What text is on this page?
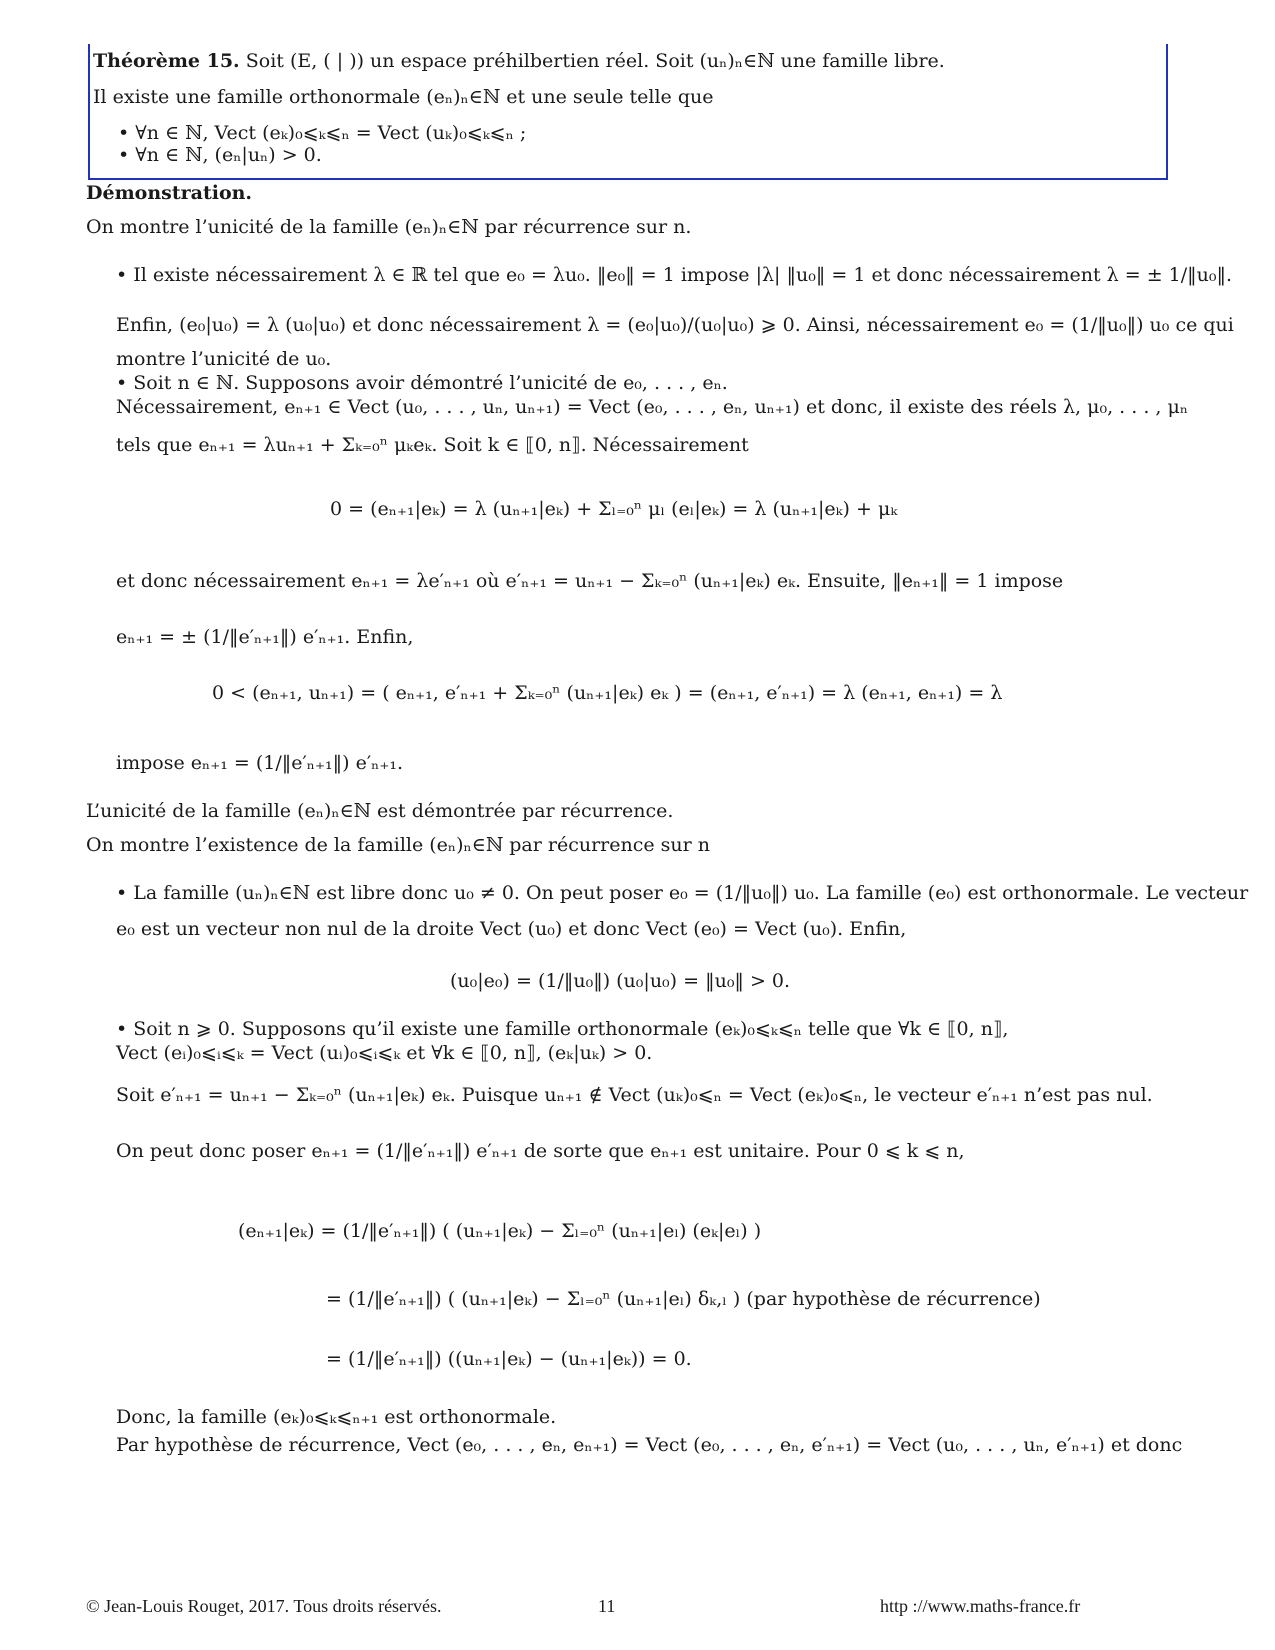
Théorème 15. Soit (E, ( | )) un espace préhilbertien réel. Soit (uₙ)ₙ∈ℕ une famille libre.
Il existe une famille orthonormale (eₙ)ₙ∈ℕ et une seule telle que
• ∀n ∈ ℕ, Vect (eₖ)₀⩽ₖ⩽ₙ = Vect (uₖ)₀⩽ₖ⩽ₙ ;
• ∀n ∈ ℕ, (eₙ|uₙ) > 0.
Démonstration.
On montre l’unicité de la famille (eₙ)ₙ∈ℕ par récurrence sur n.
• Il existe nécessairement λ ∈ ℝ tel que e₀ = λu₀. ‖e₀‖ = 1 impose |λ| ‖u₀‖ = 1 et donc nécessairement λ = ± 1/‖u₀‖.
Enfin, (e₀|u₀) = λ (u₀|u₀) et donc nécessairement λ = (e₀|u₀)/(u₀|u₀) ⩾ 0. Ainsi, nécessairement e₀ = (1/‖u₀‖) u₀ ce qui
montre l’unicité de u₀.
• Soit n ∈ ℕ. Supposons avoir démontré l’unicité de e₀, . . . , eₙ.
Nécessairement, eₙ₊₁ ∈ Vect (u₀, . . . , uₙ, uₙ₊₁) = Vect (e₀, . . . , eₙ, uₙ₊₁) et donc, il existe des réels λ, μ₀, . . . , μₙ
tels que eₙ₊₁ = λuₙ₊₁ + Σₖ₌₀ⁿ μₖeₖ. Soit k ∈ ⟦0, n⟧. Nécessairement
0 = (eₙ₊₁|eₖ) = λ (uₙ₊₁|eₖ) + Σₗ₌₀ⁿ μₗ (eₗ|eₖ) = λ (uₙ₊₁|eₖ) + μₖ
et donc nécessairement eₙ₊₁ = λe′ₙ₊₁ où e′ₙ₊₁ = uₙ₊₁ − Σₖ₌₀ⁿ (uₙ₊₁|eₖ) eₖ. Ensuite, ‖eₙ₊₁‖ = 1 impose
eₙ₊₁ = ± (1/‖e′ₙ₊₁‖) e′ₙ₊₁. Enfin,
0 < (eₙ₊₁, uₙ₊₁) = ( eₙ₊₁, e′ₙ₊₁ + Σₖ₌₀ⁿ (uₙ₊₁|eₖ) eₖ ) = (eₙ₊₁, e′ₙ₊₁) = λ (eₙ₊₁, eₙ₊₁) = λ
impose eₙ₊₁ = (1/‖e′ₙ₊₁‖) e′ₙ₊₁.
L’unicité de la famille (eₙ)ₙ∈ℕ est démontrée par récurrence.
On montre l’existence de la famille (eₙ)ₙ∈ℕ par récurrence sur n
• La famille (uₙ)ₙ∈ℕ est libre donc u₀ ≠ 0. On peut poser e₀ = (1/‖u₀‖) u₀. La famille (e₀) est orthonormale. Le vecteur
e₀ est un vecteur non nul de la droite Vect (u₀) et donc Vect (e₀) = Vect (u₀). Enfin,
(u₀|e₀) = (1/‖u₀‖) (u₀|u₀) = ‖u₀‖ > 0.
• Soit n ⩾ 0. Supposons qu’il existe une famille orthonormale (eₖ)₀⩽ₖ⩽ₙ telle que ∀k ∈ ⟦0, n⟧,
Vect (eᵢ)₀⩽ᵢ⩽ₖ = Vect (uᵢ)₀⩽ᵢ⩽ₖ et ∀k ∈ ⟦0, n⟧, (eₖ|uₖ) > 0.
Soit e′ₙ₊₁ = uₙ₊₁ − Σₖ₌₀ⁿ (uₙ₊₁|eₖ) eₖ. Puisque uₙ₊₁ ∉ Vect (uₖ)₀⩽ₙ = Vect (eₖ)₀⩽ₙ, le vecteur e′ₙ₊₁ n’est pas nul.
On peut donc poser eₙ₊₁ = (1/‖e′ₙ₊₁‖) e′ₙ₊₁ de sorte que eₙ₊₁ est unitaire. Pour 0 ⩽ k ⩽ n,
(eₙ₊₁|eₖ) = (1/‖e′ₙ₊₁‖) ( (uₙ₊₁|eₖ) − Σₗ₌₀ⁿ (uₙ₊₁|eₗ) (eₖ|eₗ) )
= (1/‖e′ₙ₊₁‖) ( (uₙ₊₁|eₖ) − Σₗ₌₀ⁿ (uₙ₊₁|eₗ) δₖ,ₗ ) (par hypothèse de récurrence)
= (1/‖e′ₙ₊₁‖) ((uₙ₊₁|eₖ) − (uₙ₊₁|eₖ)) = 0.
Donc, la famille (eₖ)₀⩽ₖ⩽ₙ₊₁ est orthonormale.
Par hypothèse de récurrence, Vect (e₀, . . . , eₙ, eₙ₊₁) = Vect (e₀, . . . , eₙ, e′ₙ₊₁) = Vect (u₀, . . . , uₙ, e′ₙ₊₁) et donc
© Jean-Louis Rouget, 2017. Tous droits réservés.	11	http ://www.maths-france.fr
